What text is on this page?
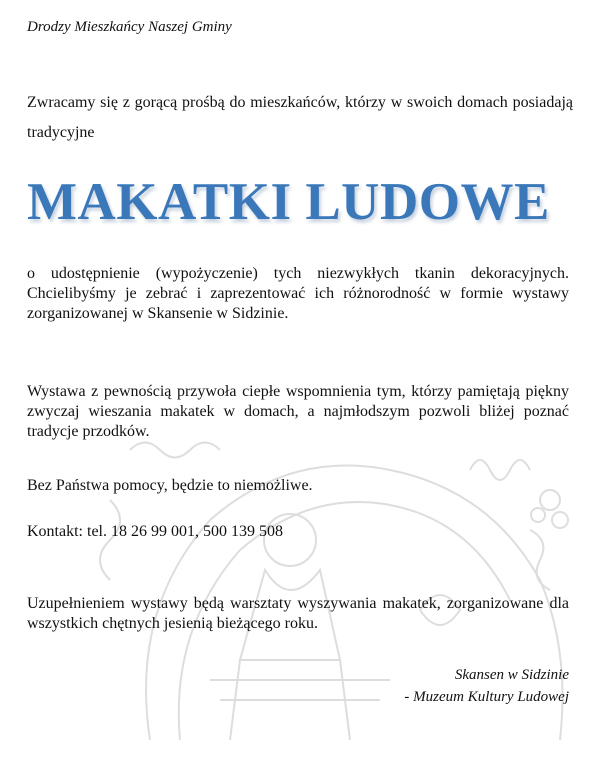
Drodzy Mieszkańcy Naszej Gminy
Zwracamy się z gorącą prośbą do mieszkańców, którzy w swoich domach posiadają tradycyjne
MAKATKI LUDOWE
o udostępnienie (wypożyczenie) tych niezwykłych tkanin dekoracyjnych. Chcielibyśmy je zebrać i zaprezentować ich różnorodność w formie wystawy zorganizowanej w Skansenie w Sidzinie.
Wystawa z pewnością przywoła ciepłe wspomnienia tym, którzy pamiętają piękny zwyczaj wieszania makatek w domach, a najmłodszym pozwoli bliżej poznać tradycje przodków.
Bez Państwa pomocy, będzie to niemożliwe.
Kontakt: tel. 18 26 99 001, 500 139 508
Uzupełnieniem wystawy będą warsztaty wyszywania makatek, zorganizowane dla wszystkich chętnych jesienią bieżącego roku.
Skansen w Sidzinie
- Muzeum Kultury Ludowej
